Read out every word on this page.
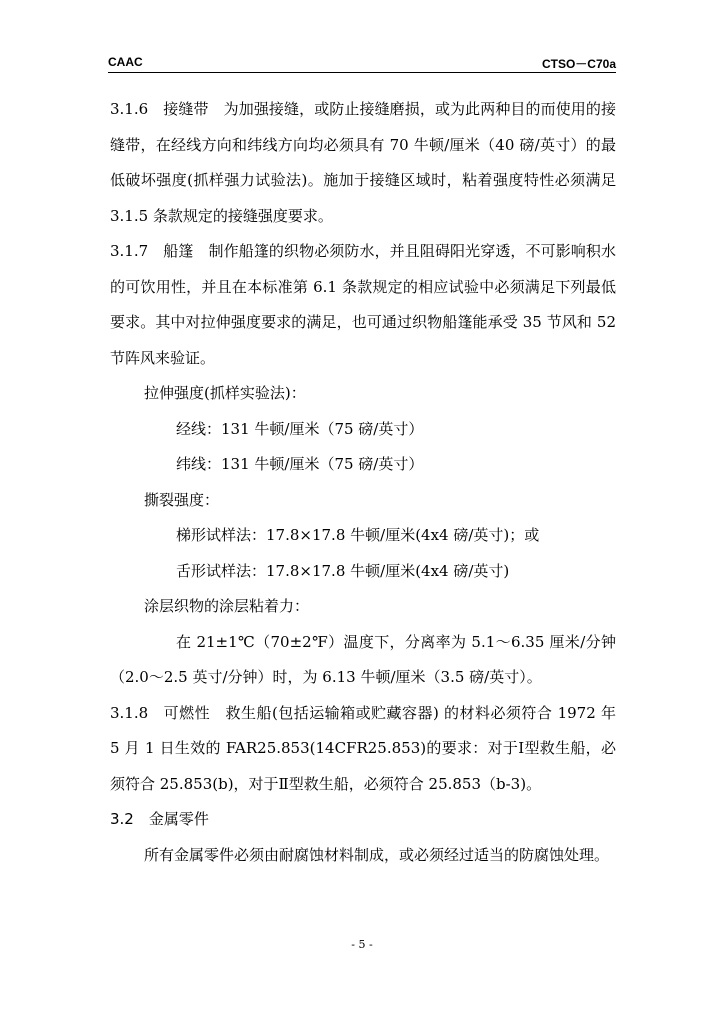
CAAC	CTSO－C70a

3.1.6 接缝带 为加强接缝，或防止接缝磨损，或为此两种目的而使用的接缝带，在经线方向和纬线方向均必须具有 70 牛顿/厘米（40 磅/英寸）的最低破坏强度(抓样强力试验法)。施加于接缝区域时，粘着强度特性必须满足 3.1.5 条款规定的接缝强度要求。

3.1.7 船篷 制作船篷的织物必须防水，并且阻碍阳光穿透，不可影响积水的可饮用性，并且在本标准第 6.1 条款规定的相应试验中必须满足下列最低要求。其中对拉伸强度要求的满足，也可通过织物船篷能承受 35 节风和 52 节阵风来验证。

拉伸强度(抓样实验法)：

经线：131 牛顿/厘米（75 磅/英寸）

纬线：131 牛顿/厘米（75 磅/英寸）

撕裂强度：

梯形试样法：17.8×17.8 牛顿/厘米(4x4 磅/英寸)；或

舌形试样法：17.8×17.8 牛顿/厘米(4x4 磅/英寸)

涂层织物的涂层粘着力：

在 21±1℃（70±2℉）温度下，分离率为 5.1～6.35 厘米/分钟（2.0～2.5 英寸/分钟）时，为 6.13 牛顿/厘米（3.5 磅/英寸）。

3.1.8 可燃性 救生船(包括运输箱或贮藏容器) 的材料必须符合 1972 年 5 月 1 日生效的 FAR25.853(14CFR25.853)的要求：对于Ⅰ型救生船，必须符合 25.853(b)，对于Ⅱ型救生船，必须符合 25.853（b-3)。

3.2 金属零件

所有金属零件必须由耐腐蚀材料制成，或必须经过适当的防腐蚀处理。

- 5 -
